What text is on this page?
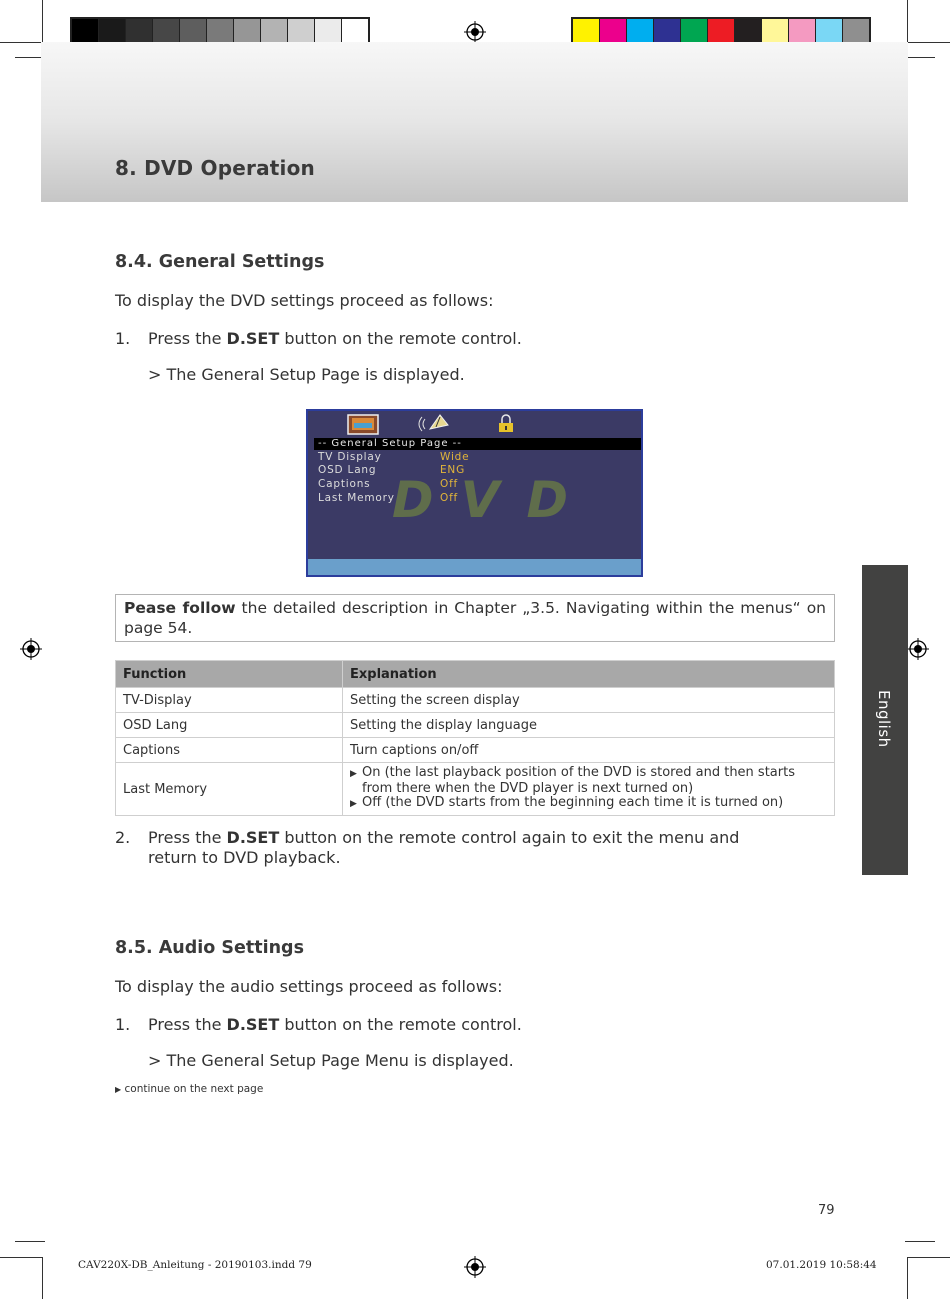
8. DVD Operation
English
8.4. General Settings

To display the DVD settings proceed as follows:

1. Press the D.SET button on the remote control.

> The General Setup Page is displayed.

-- General Setup Page --
DVD
TV Display	Wide
OSD Lang	ENG
Captions	Off
Last Memory	Off
Pease follow the detailed description in Chapter „3.5. Navigating within the menus“ on page 54.
Function	Explanation
TV-Display	Setting the screen display
OSD Lang	Setting the display language
Captions	Turn captions on/off
Last Memory	▶ On (the last playback position of the DVD is stored and then starts from there when the DVD player is next turned on)
▶ Off (the DVD starts from the beginning each time it is turned on)
2. Press the D.SET button on the remote control again to exit the menu and

return to DVD playback.

8.5. Audio Settings

To display the audio settings proceed as follows:

1. Press the D.SET button on the remote control.

> The General Setup Page Menu is displayed.

▶ continue on the next page
79
CAV220X-DB_Anleitung - 20190103.indd 79	07.01.2019 10:58:44
